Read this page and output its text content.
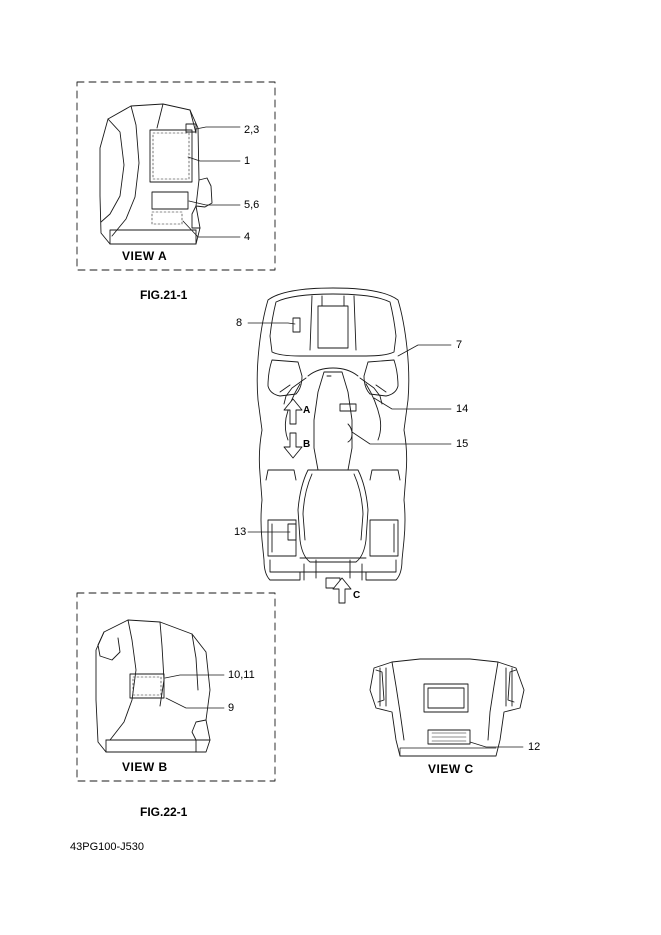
2,3
1
5,6
4
8
7
14
15
13
10,11
9
12
A
B
C
VIEW A
FIG.21-1
VIEW B
FIG.22-1
VIEW C
43PG100-J530
